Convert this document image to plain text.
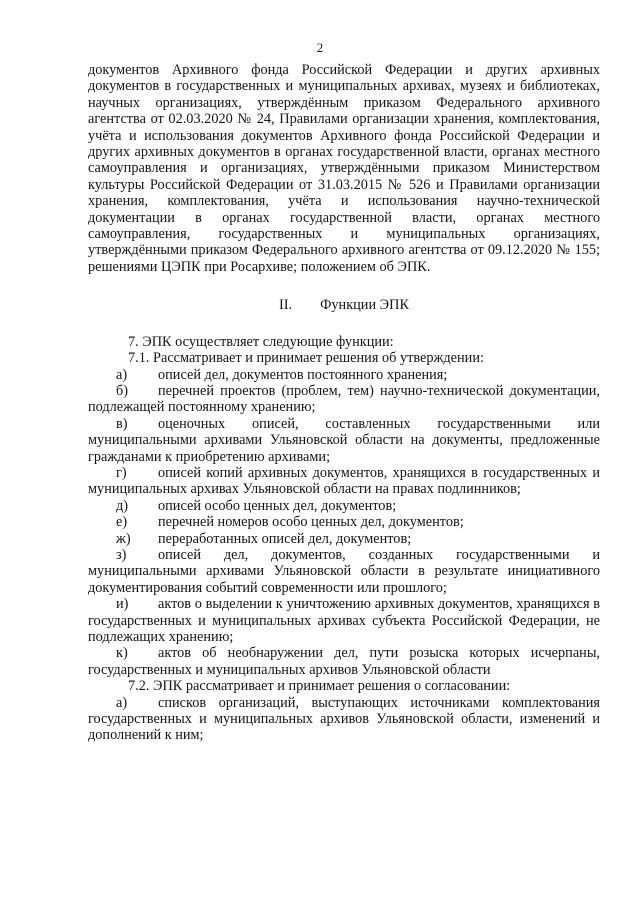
2

документов Архивного фонда Российской Федерации и других архивных документов в государственных и муниципальных архивах, музеях и библиотеках, научных организациях, утверждённым приказом Федерального архивного агентства от 02.03.2020 № 24, Правилами организации хранения, комплектования, учёта и использования документов Архивного фонда Российской Федерации и других архивных документов в органах государственной власти, органах местного самоуправления и организациях, утверждёнными приказом Министерством культуры Российской Федерации от 31.03.2015 № 526 и Правилами организации хранения, комплектования, учёта и использования научно-технической документации в органах государственной власти, органах местного самоуправления, государственных и муниципальных организациях, утверждёнными приказом Федерального архивного агентства от 09.12.2020 № 155; решениями ЦЭПК при Росархиве; положением об ЭПК.

II. Функции ЭПК

7. ЭПК осуществляет следующие функции:

7.1. Рассматривает и принимает решения об утверждении:

а) описей дел, документов постоянного хранения;

б) перечней проектов (проблем, тем) научно-технической документации, подлежащей постоянному хранению;

в) оценочных описей, составленных государственными или муниципальными архивами Ульяновской области на документы, предложенные гражданами к приобретению архивами;

г) описей копий архивных документов, хранящихся в государственных и муниципальных архивах Ульяновской области на правах подлинников;

д) описей особо ценных дел, документов;

е) перечней номеров особо ценных дел, документов;

ж) переработанных описей дел, документов;

з) описей дел, документов, созданных государственными и муниципальными архивами Ульяновской области в результате инициативного документирования событий современности или прошлого;

и) актов о выделении к уничтожению архивных документов, хранящихся в государственных и муниципальных архивах субъекта Российской Федерации, не подлежащих хранению;

к) актов об необнаружении дел, пути розыска которых исчерпаны, государственных и муниципальных архивов Ульяновской области

7.2. ЭПК рассматривает и принимает решения о согласовании:

а) списков организаций, выступающих источниками комплектования государственных и муниципальных архивов Ульяновской области, изменений и дополнений к ним;
